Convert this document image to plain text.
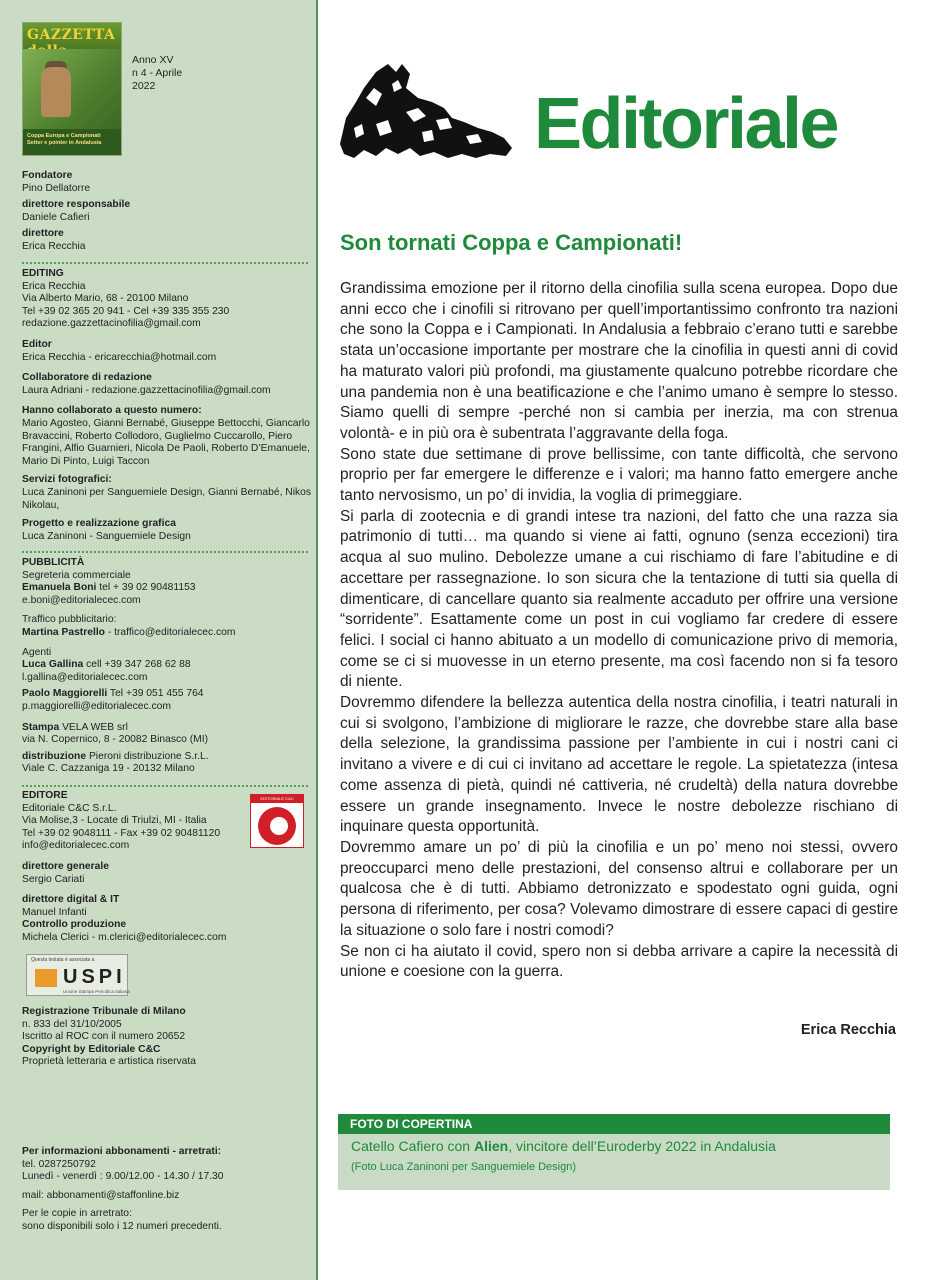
GAZZETTA
Coppa Europa e Campionati Setter e pointer in Andalusia
Anno XV
n 4 - Aprile
2022
Fondatore
Pino Dellatorre
direttore responsabile
Daniele Cafieri
direttore
Erica Recchia
EDITING
Erica Recchia
Via Alberto Mario, 68 - 20100 Milano
Tel +39 02 365 20 941 - Cel +39 335 355 230
redazione.gazzettacinofilia@gmail.com
Editor
Erica Recchia - ericarecchia@hotmail.com
Collaboratore di redazione
Laura Adriani - redazione.gazzettacinofilia@gmail.com
Hanno collaborato a questo numero:
Mario Agosteo, Gianni Bernabé, Giuseppe Bettocchi, Giancarlo Bravaccini, Roberto Collodoro, Guglielmo Cuccarollo, Piero Frangini, Alfio Guarnieri, Nicola De Paoli, Roberto D’Emanuele, Mario Di Pinto, Luigi Taccon
Servizi fotografici:
Luca Zaninoni per Sanguemiele Design, Gianni Bernabé, Nikos Nikolau,
Progetto e realizzazione grafica
Luca Zaninoni - Sanguemiele Design
PUBBLICITÀ
Segreteria commerciale
Emanuela Boni tel + 39 02 90481153
e.boni@editorialecec.com
Traffico pubblicitario:
Martina Pastrello - traffico@editorialecec.com
Agenti
Luca Gallina cell +39 347 268 62 88
l.gallina@editorialecec.com
Paolo Maggiorelli Tel +39 051 455 764
p.maggiorelli@editorialecec.com
Stampa VELA WEB srl
via N. Copernico, 8 - 20082 Binasco (MI)
distribuzione Pieroni distribuzione S.r.L.
Viale C. Cazzaniga 19 - 20132 Milano
EDITORE
Editoriale C&C S.r.L.
Via Molise,3 - Locate di Triulzi, MI - Italia
Tel +39 02 9048111 - Fax +39 02 90481120
info@editorialecec.com
direttore generale
Sergio Cariati
direttore digital & IT
Manuel Infanti
Controllo produzione
Michela Clerici - m.clerici@editorialecec.com
EDITORIALE C&C
Questa testata è associata a
USPI
Unione Stampa Periodica Italiana
Registrazione Tribunale di Milano
n. 833 del 31/10/2005
Iscritto al ROC con il numero 20652
Copyright by Editoriale C&C
Proprietà letteraria e artistica riservata
Per informazioni abbonamenti - arretrati:
tel. 0287250792
Lunedì - venerdì : 9.00/12.00 - 14.30 / 17.30
mail: abbonamenti@staffonline.biz
Per le copie in arretrato:
sono disponibili solo i 12 numeri precedenti.
Editoriale
Son tornati Coppa e Campionati!

Grandissima emozione per il ritorno della cinofilia sulla scena europea. Dopo due anni ecco che i cinofili si ritrovano per quell’importantissimo confronto tra nazioni che sono la Coppa e i Campionati. In Andalusia a febbraio c’erano tutti e sarebbe stata un’occasione importante per mostrare che la cinofilia in questi anni di covid ha maturato valori più profondi, ma giustamente qualcuno potrebbe ricordare che una pandemia non è una beatificazione e che l’animo umano è sempre lo stesso. Siamo quelli di sempre -perché non si cambia per inerzia, ma con strenua volontà- e in più ora è subentrata l’aggravante della foga.

Sono state due settimane di prove bellissime, con tante difficoltà, che servono proprio per far emergere le differenze e i valori; ma hanno fatto emergere anche tanto nervosismo, un po’ di invidia, la voglia di primeggiare.

Si parla di zootecnia e di grandi intese tra nazioni, del fatto che una razza sia patrimonio di tutti… ma quando si viene ai fatti, ognuno (senza eccezioni) tira acqua al suo mulino. Debolezze umane a cui rischiamo di fare l’abitudine e di accettare per rassegnazione. Io son sicura che la tentazione di tutti sia quella di dimenticare, di cancellare quanto sia realmente accaduto per offrire una versione “sorridente”. Esattamente come un post in cui vogliamo far credere di essere felici. I social ci hanno abituato a un modello di comunicazione privo di memoria, come se ci si muovesse in un eterno presente, ma così facendo non si fa tesoro di niente.

Dovremmo difendere la bellezza autentica della nostra cinofilia, i teatri naturali in cui si svolgono, l’ambizione di migliorare le razze, che dovrebbe stare alla base della selezione, la grandissima passione per l’ambiente in cui i nostri cani ci invitano a vivere e di cui ci invitano ad accettare le regole. La spietatezza (intesa come assenza di pietà, quindi né cattiveria, né crudeltà) della natura dovrebbe essere un grande insegnamento. Invece le nostre debolezze rischiano di inquinare questa opportunità.

Dovremmo amare un po’ di più la cinofilia e un po’ meno noi stessi, ovvero preoccuparci meno delle prestazioni, del consenso altrui e collaborare per un qualcosa che è di tutti. Abbiamo detronizzato e spodestato ogni guida, ogni persona di riferimento, per cosa? Volevamo dimostrare di essere capaci di gestire la situazione o solo fare i nostri comodi?

Se non ci ha aiutato il covid, spero non si debba arrivare a capire la necessità di unione e coesione con la guerra.

Erica Recchia
FOTO DI COPERTINA
Catello Cafiero con Alien, vincitore dell’Euroderby 2022 in Andalusia
(Foto Luca Zaninoni per Sanguemiele Design)
